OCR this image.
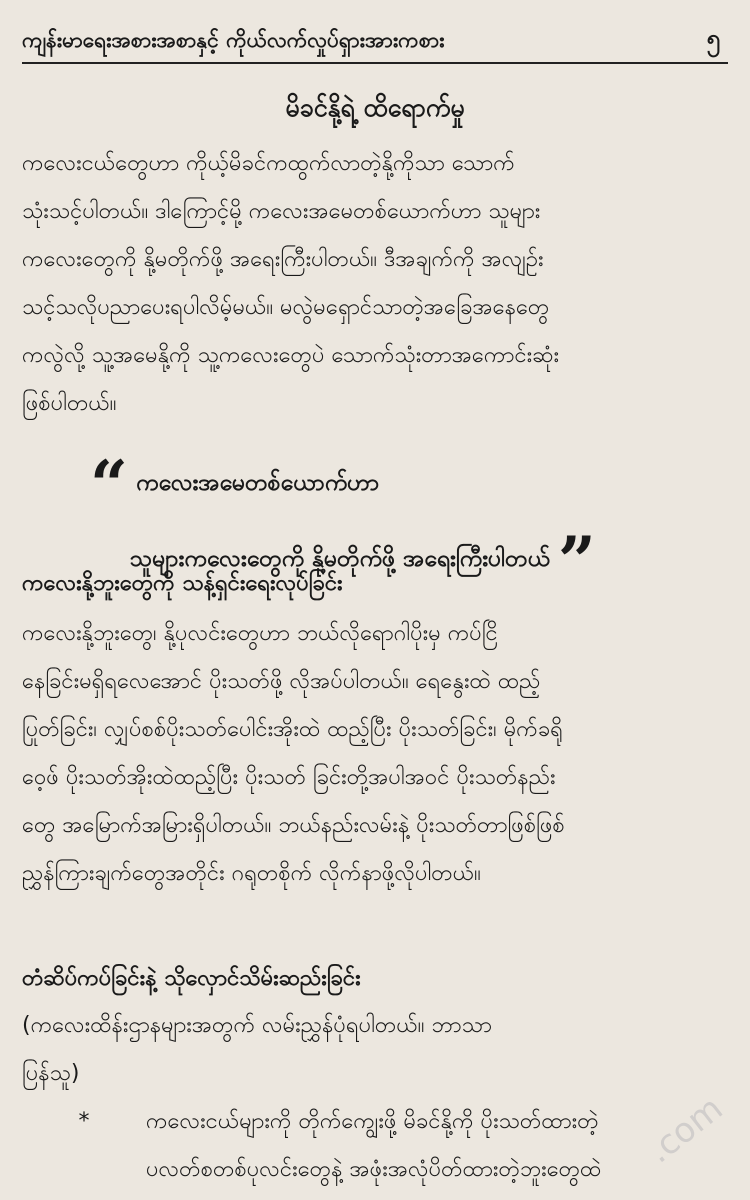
ကျန်းမာရေးအစားအစာနှင့် ကိုယ်လက်လှုပ်ရှားအားကစား	၅
မိခင်နို့ရဲ့ ထိရောက်မှု
ကလေးငယ်တွေဟာ ကိုယ့်မိခင်ကထွက်လာတဲ့နို့ကိုသာ သောက်
သုံးသင့်ပါတယ်။ ဒါကြောင့်မို့ ကလေးအမေတစ်ယောက်ဟာ သူများ
ကလေးတွေကို နို့မတိုက်ဖို့ အရေးကြီးပါတယ်။ ဒီအချက်ကို အလျဉ်း
သင့်သလိုပညာပေးရပါလိမ့်မယ်။ မလွဲမရှောင်သာတဲ့အခြေအနေတွေ
ကလွဲလို့ သူ့အမေနို့ကို သူ့ကလေးတွေပဲ သောက်သုံးတာအကောင်းဆုံး
ဖြစ်ပါတယ်။
“ ကလေးအမေတစ်ယောက်ဟာ
သူများကလေးတွေကို နို့မတိုက်ဖို့ အရေးကြီးပါတယ် ”
ကလေးနို့ဘူးတွေကို သန့်ရှင်းရေးလုပ်ခြင်း
ကလေးနို့ဘူးတွေ၊ နို့ပုလင်းတွေဟာ ဘယ်လိုရောဂါပိုးမှ ကပ်ငြိ
နေခြင်းမရှိရလေအောင် ပိုးသတ်ဖို့ လိုအပ်ပါတယ်။ ရေနွေးထဲ ထည့်
ပြုတ်ခြင်း၊ လျှပ်စစ်ပိုးသတ်ပေါင်းအိုးထဲ ထည့်ပြီး ပိုးသတ်ခြင်း၊ မိုက်ခရို
ဝေ့ဖ် ပိုးသတ်အိုးထဲထည့်ပြီး ပိုးသတ် ခြင်းတို့အပါအဝင် ပိုးသတ်နည်း
တွေ အမြောက်အမြားရှိပါတယ်။ ဘယ်နည်းလမ်းနဲ့ ပိုးသတ်တာဖြစ်ဖြစ်
ညွှန်ကြားချက်တွေအတိုင်း ဂရုတစိုက် လိုက်နာဖို့လိုပါတယ်။
တံဆိပ်ကပ်ခြင်းနဲ့ သိုလှောင်သိမ်းဆည်းခြင်း
(ကလေးထိန်းဌာနများအတွက် လမ်းညွှန်ပုံရပါတယ်။ ဘာသာ
ပြန်သူ)
*	ကလေးငယ်များကို တိုက်ကျွေးဖို့ မိခင်နို့ကို ပိုးသတ်ထားတဲ့
ပလတ်စတစ်ပုလင်းတွေနဲ့ အဖုံးအလုံပိတ်ထားတဲ့ဘူးတွေထဲ	.com
